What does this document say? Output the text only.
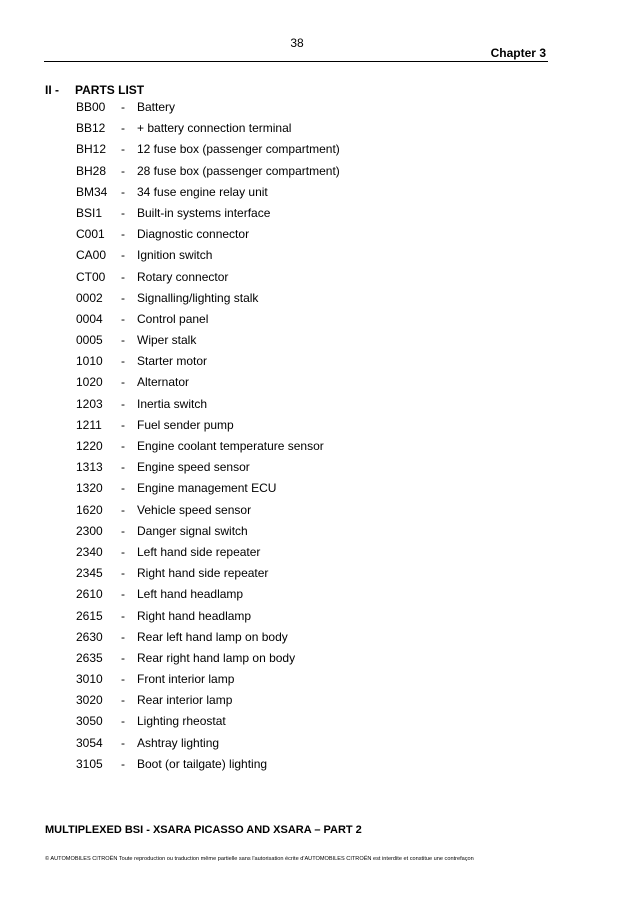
38
Chapter 3
II - PARTS LIST
BB00 - Battery
BB12 - + battery connection terminal
BH12 - 12 fuse box (passenger compartment)
BH28 - 28 fuse box (passenger compartment)
BM34 - 34 fuse engine relay unit
BSI1 - Built-in systems interface
C001 - Diagnostic connector
CA00 - Ignition switch
CT00 - Rotary connector
0002 - Signalling/lighting stalk
0004 - Control panel
0005 - Wiper stalk
1010 - Starter motor
1020 - Alternator
1203 - Inertia switch
1211 - Fuel sender pump
1220 - Engine coolant temperature sensor
1313 - Engine speed sensor
1320 - Engine management ECU
1620 - Vehicle speed sensor
2300 - Danger signal switch
2340 - Left hand side repeater
2345 - Right hand side repeater
2610 - Left hand headlamp
2615 - Right hand headlamp
2630 - Rear left hand lamp on body
2635 - Rear right hand lamp on body
3010 - Front interior lamp
3020 - Rear interior lamp
3050 - Lighting rheostat
3054 - Ashtray lighting
3105 - Boot (or tailgate) lighting
MULTIPLEXED BSI - XSARA PICASSO AND XSARA – PART 2
© AUTOMOBILES CITROËN Toute reproduction ou traduction même partielle sans l'autorisation écrite d'AUTOMOBILES CITROËN est interdite et constitue une contrefaçon
